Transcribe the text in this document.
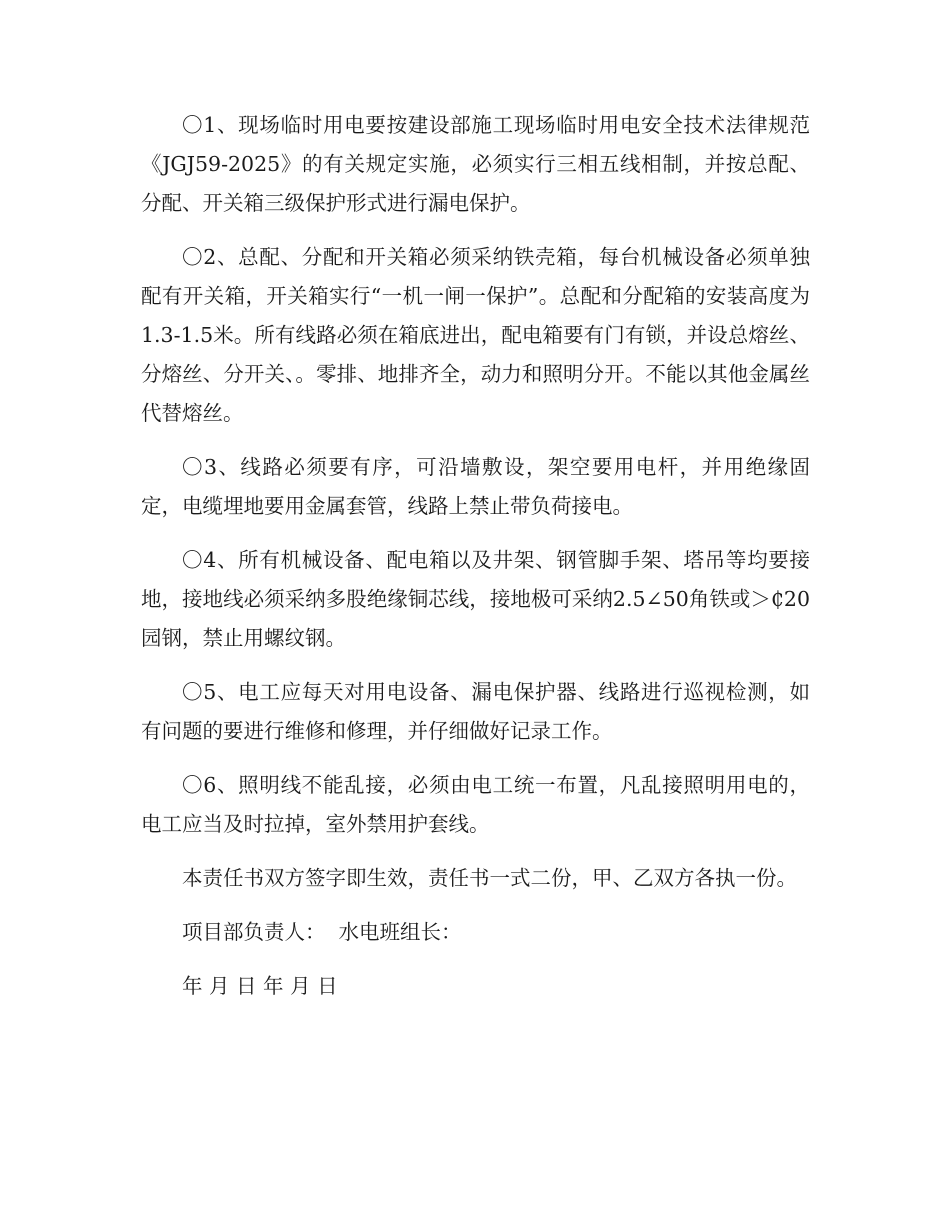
〇1、现场临时用电要按建设部施工现场临时用电安全技术法律规范《JGJ59-2025》的有关规定实施，必须实行三相五线相制，并按总配、分配、开关箱三级保护形式进行漏电保护。

〇2、总配、分配和开关箱必须采纳铁壳箱，每台机械设备必须单独配有开关箱，开关箱实行“一机一闸一保护”。总配和分配箱的安装高度为1.3-1.5米。所有线路必须在箱底进出，配电箱要有门有锁，并设总熔丝、分熔丝、分开关、。零排、地排齐全，动力和照明分开。不能以其他金属丝代替熔丝。

〇3、线路必须要有序，可沿墙敷设，架空要用电杆，并用绝缘固定，电缆埋地要用金属套管，线路上禁止带负荷接电。

〇4、所有机械设备、配电箱以及井架、钢管脚手架、塔吊等均要接地，接地线必须采纳多股绝缘铜芯线，接地极可采纳2.5∠50角铁或＞₵20园钢，禁止用螺纹钢。

〇5、电工应每天对用电设备、漏电保护器、线路进行巡视检测，如有问题的要进行维修和修理，并仔细做好记录工作。

〇6、照明线不能乱接，必须由电工统一布置，凡乱接照明用电的，电工应当及时拉掉，室外禁用护套线。

本责任书双方签字即生效，责任书一式二份，甲、乙双方各执一份。

项目部负责人：  水电班组长：

年 月 日 年 月 日
